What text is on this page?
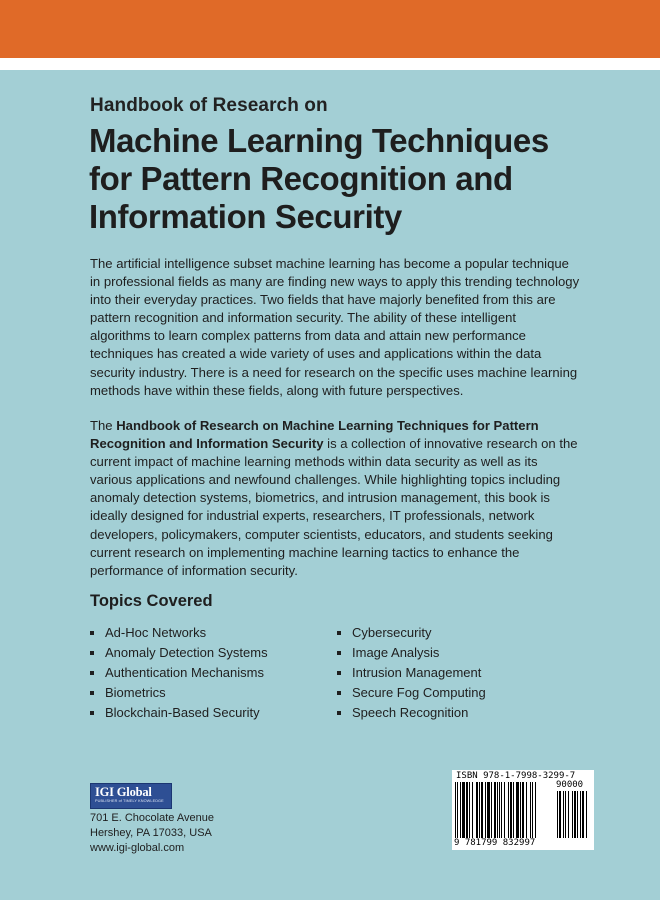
Handbook of Research on
Machine Learning Techniques
for Pattern Recognition and
Information Security

The artificial intelligence subset machine learning has become a popular technique in professional fields as many are finding new ways to apply this trending technology into their everyday practices. Two fields that have majorly benefited from this are pattern recognition and information security. The ability of these intelligent algorithms to learn complex patterns from data and attain new performance techniques has created a wide variety of uses and applications within the data security industry. There is a need for research on the specific uses machine learning methods have within these fields, along with future perspectives.

The Handbook of Research on Machine Learning Techniques for Pattern Recognition and Information Security is a collection of innovative research on the current impact of machine learning methods within data security as well as its various applications and newfound challenges. While highlighting topics including anomaly detection systems, biometrics, and intrusion management, this book is ideally designed for industrial experts, researchers, IT professionals, network developers, policymakers, computer scientists, educators, and students seeking current research on implementing machine learning tactics to enhance the performance of information security.

Topics Covered
Ad-Hoc Networks
Anomaly Detection Systems
Authentication Mechanisms
Biometrics
Blockchain-Based Security
Cybersecurity
Image Analysis
Intrusion Management
Secure Fog Computing
Speech Recognition
IGI Global
PUBLISHER of TIMELY KNOWLEDGE
701 E. Chocolate Avenue
Hershey, PA 17033, USA
www.igi-global.com
ISBN 978-1-7998-3299-7
90000
9 781799 832997
